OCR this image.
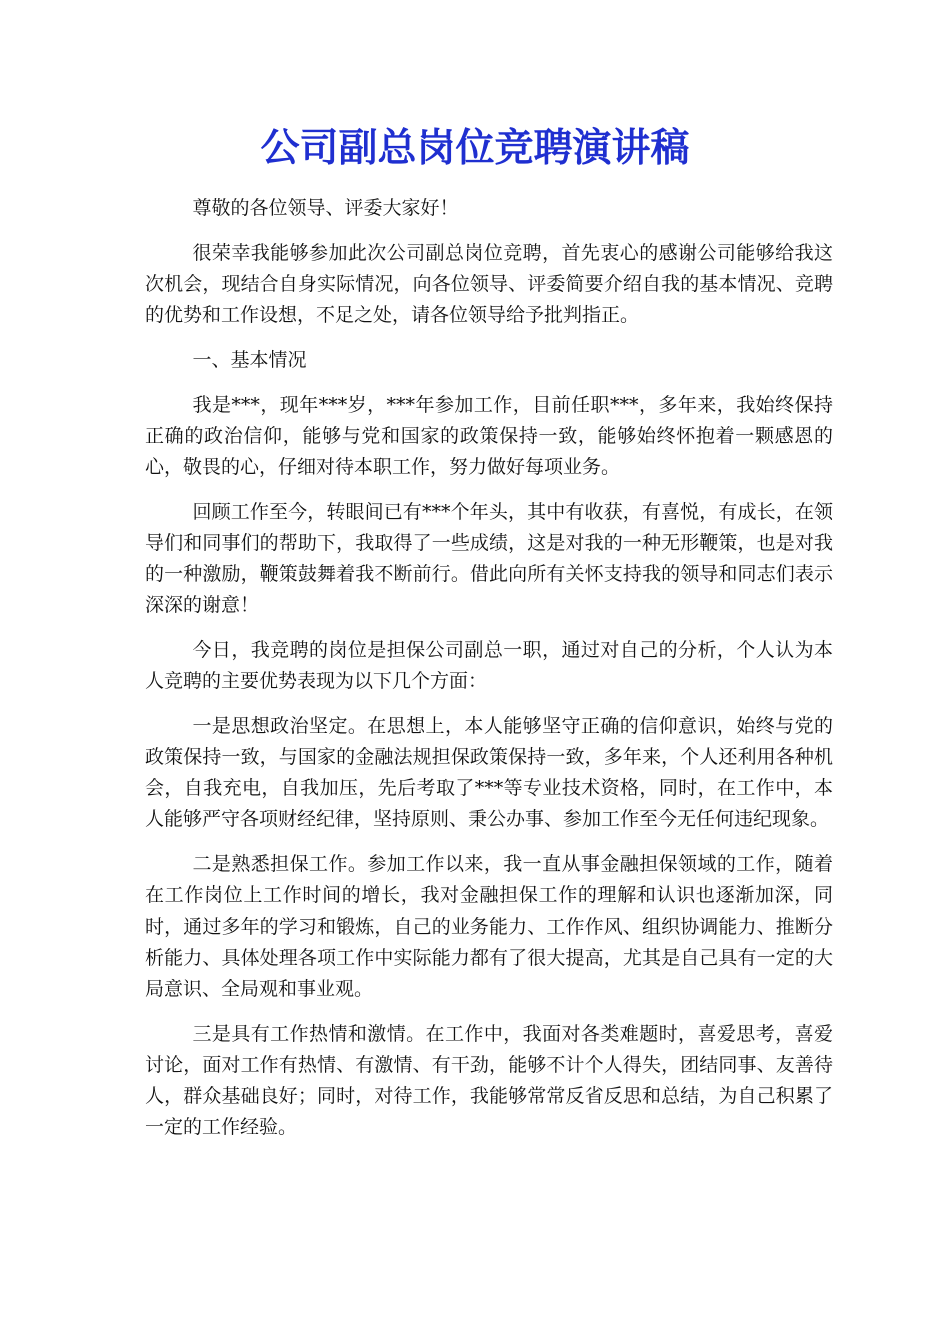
公司副总岗位竞聘演讲稿

尊敬的各位领导、评委大家好！

很荣幸我能够参加此次公司副总岗位竞聘，首先衷心的感谢公司能够给我这次机会，现结合自身实际情况，向各位领导、评委简要介绍自我的基本情况、竞聘的优势和工作设想，不足之处，请各位领导给予批判指正。

一、基本情况

我是***，现年***岁，***年参加工作，目前任职***，多年来，我始终保持正确的政治信仰，能够与党和国家的政策保持一致，能够始终怀抱着一颗感恩的心，敬畏的心，仔细对待本职工作，努力做好每项业务。

回顾工作至今，转眼间已有***个年头，其中有收获，有喜悦，有成长，在领导们和同事们的帮助下，我取得了一些成绩，这是对我的一种无形鞭策，也是对我的一种激励，鞭策鼓舞着我不断前行。借此向所有关怀支持我的领导和同志们表示深深的谢意！

今日，我竞聘的岗位是担保公司副总一职，通过对自己的分析，个人认为本人竞聘的主要优势表现为以下几个方面：

一是思想政治坚定。在思想上，本人能够坚守正确的信仰意识，始终与党的政策保持一致，与国家的金融法规担保政策保持一致，多年来，个人还利用各种机会，自我充电，自我加压，先后考取了***等专业技术资格，同时，在工作中，本人能够严守各项财经纪律，坚持原则、秉公办事、参加工作至今无任何违纪现象。

二是熟悉担保工作。参加工作以来，我一直从事金融担保领域的工作，随着在工作岗位上工作时间的增长，我对金融担保工作的理解和认识也逐渐加深，同时，通过多年的学习和锻炼，自己的业务能力、工作作风、组织协调能力、推断分析能力、具体处理各项工作中实际能力都有了很大提高，尤其是自己具有一定的大局意识、全局观和事业观。

三是具有工作热情和激情。在工作中，我面对各类难题时，喜爱思考，喜爱讨论，面对工作有热情、有激情、有干劲，能够不计个人得失，团结同事、友善待人，群众基础良好；同时，对待工作，我能够常常反省反思和总结，为自己积累了一定的工作经验。
